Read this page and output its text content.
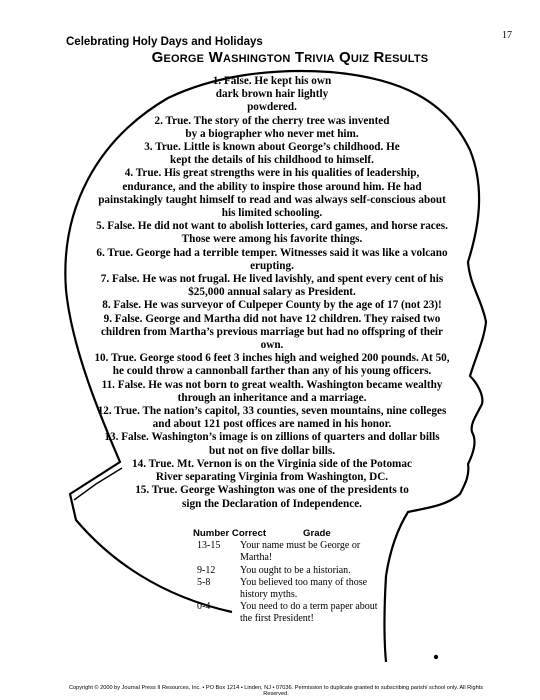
Celebrating Holy Days and Holidays
17
George Washington Trivia Quiz Results

1. False. He kept his own dark brown hair lightly powdered.

2. True. The story of the cherry tree was invented by a biographer who never met him.

3. True. Little is known about George’s childhood. He kept the details of his childhood to himself.

4. True. His great strengths were in his qualities of leadership, endurance, and the ability to inspire those around him. He had painstakingly taught himself to read and was always self-conscious about his limited schooling.

5. False. He did not want to abolish lotteries, card games, and horse races. Those were among his favorite things.

6. True. George had a terrible temper. Witnesses said it was like a volcano erupting.

7. False. He was not frugal. He lived lavishly, and spent every cent of his $25,000 annual salary as President.

8. False. He was surveyor of Culpeper County by the age of 17 (not 23)!

9. False. George and Martha did not have 12 children. They raised two children from Martha’s previous marriage but had no offspring of their own.

10. True. George stood 6 feet 3 inches high and weighed 200 pounds. At 50, he could throw a cannonball farther than any of his young officers.

11. False. He was not born to great wealth. Washington became wealthy through an inheritance and a marriage.

12. True. The nation’s capitol, 33 counties, seven mountains, nine colleges and about 121 post offices are named in his honor.

13. False. Washington’s image is on zillions of quarters and dollar bills but not on five dollar bills.

14. True. Mt. Vernon is on the Virginia side of the Potomac River separating Virginia from Washington, DC.

15. True. George Washington was one of the presidents to sign the Declaration of Independence.

Number Correct	Grade
13-15	Your name must be George or Martha!
9-12	You ought to be a historian.
5-8	You believed too many of those history myths.
0-4	You need to do a term paper about the first President!
Copyright © 2000 by Journal Press II Resources, Inc. • PO Box 1214 • Linden, NJ • 07036. Permission to duplicate granted to subscribing parish/ school only. All Rights Reserved.
